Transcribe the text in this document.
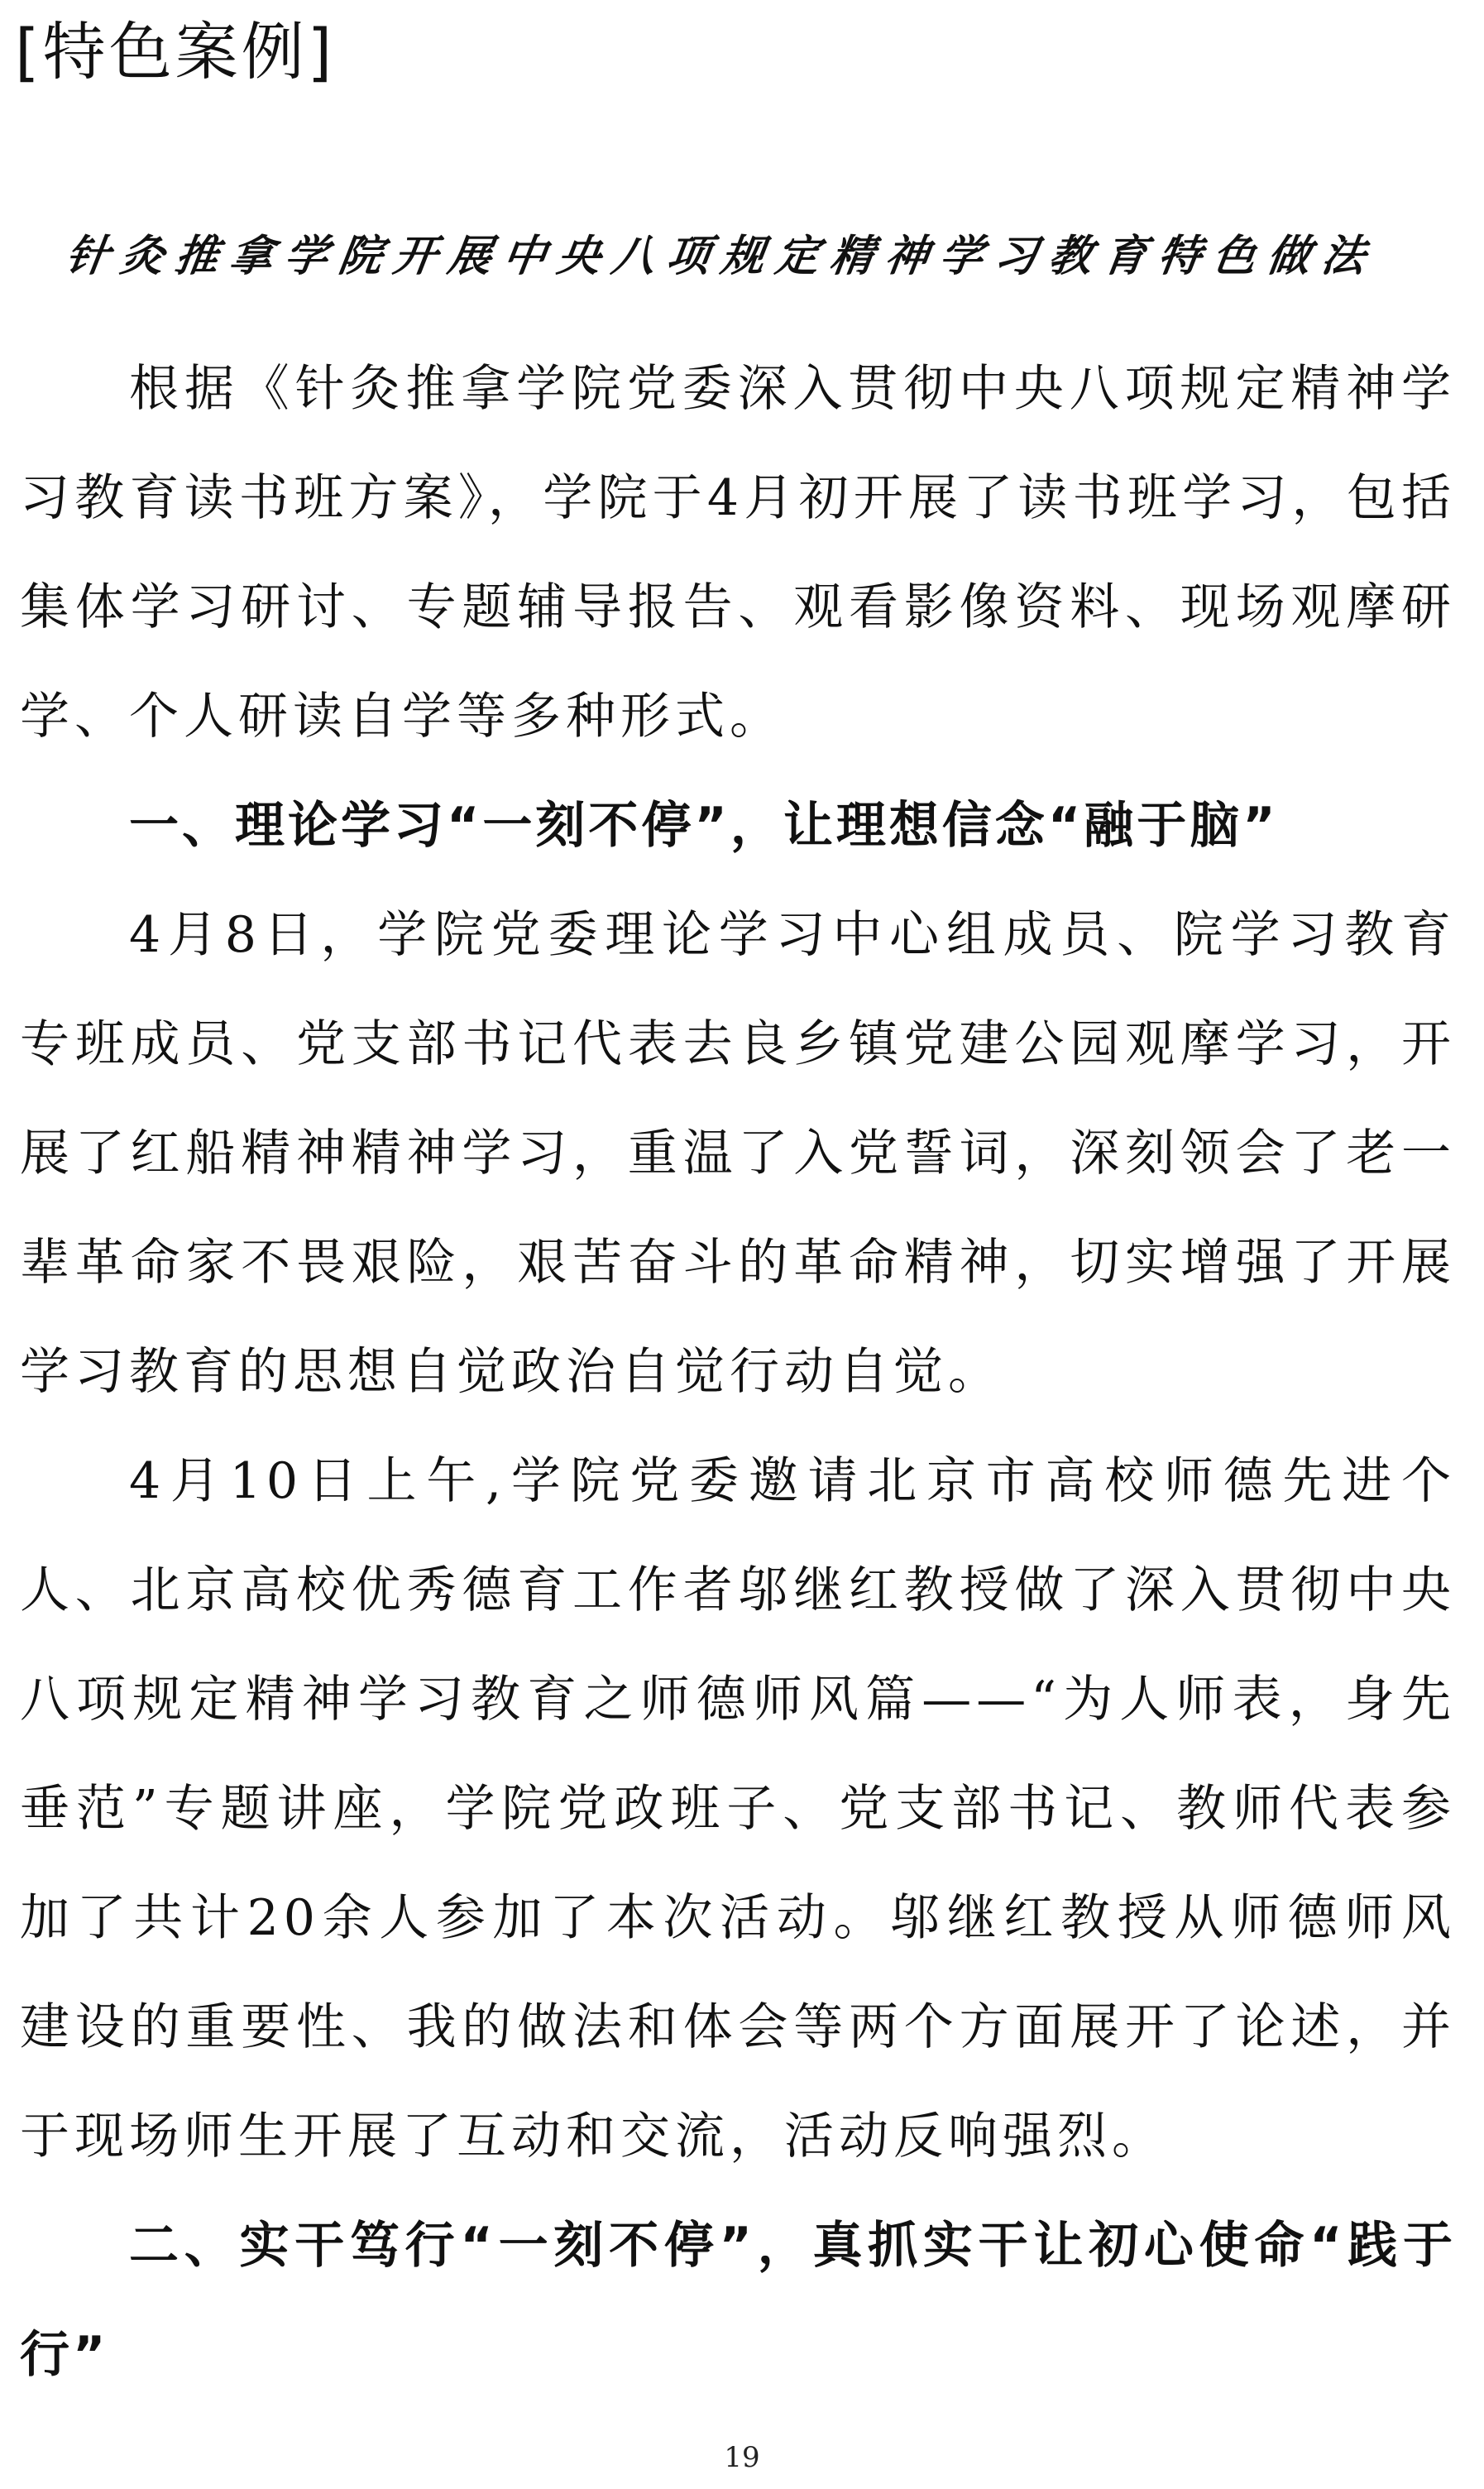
[特色案例]
针灸推拿学院开展中央八项规定精神学习教育特色做法

根据《针灸推拿学院党委深入贯彻中央八项规定精神学习教育读书班方案》，学院于4月初开展了读书班学习，包括集体学习研讨、专题辅导报告、观看影像资料、现场观摩研学、个人研读自学等多种形式。

一、理论学习“一刻不停”，让理想信念“融于脑”

4月8日，学院党委理论学习中心组成员、院学习教育专班成员、党支部书记代表去良乡镇党建公园观摩学习，开展了红船精神精神学习，重温了入党誓词，深刻领会了老一辈革命家不畏艰险，艰苦奋斗的革命精神，切实增强了开展学习教育的思想自觉政治自觉行动自觉。

4月10日上午,学院党委邀请北京市高校师德先进个人、北京高校优秀德育工作者邬继红教授做了深入贯彻中央八项规定精神学习教育之师德师风篇——“为人师表，身先垂范”专题讲座，学院党政班子、党支部书记、教师代表参加了共计20余人参加了本次活动。邬继红教授从师德师风建设的重要性、我的做法和体会等两个方面展开了论述，并于现场师生开展了互动和交流，活动反响强烈。

二、实干笃行“一刻不停”，真抓实干让初心使命“践于行”

19
